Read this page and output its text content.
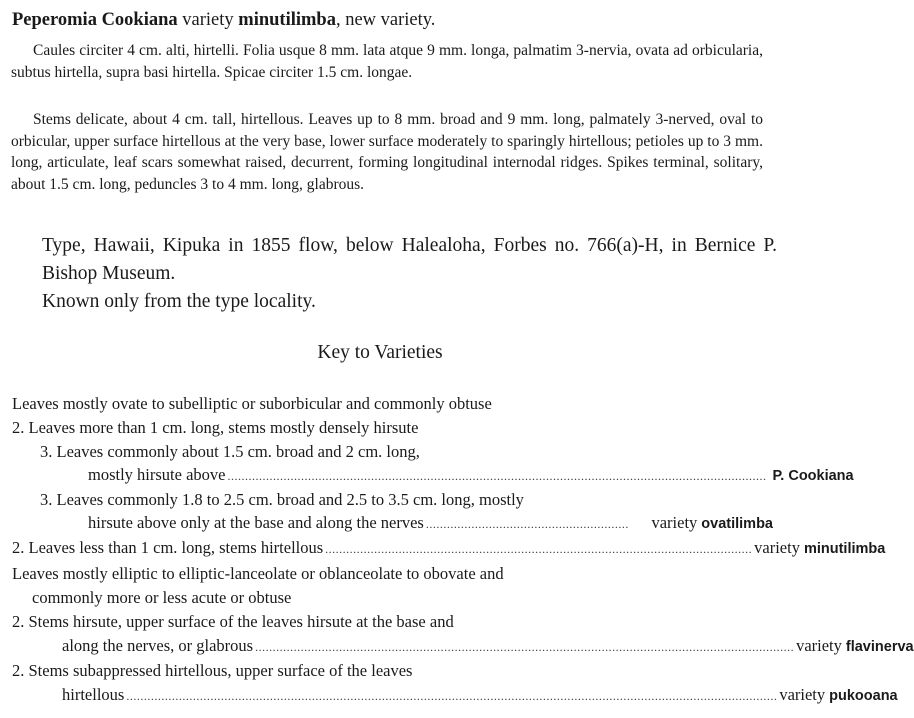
Peperomia Cookiana variety minutilimba, new variety.

Caules circiter 4 cm. alti, hirtelli. Folia usque 8 mm. lata atque 9 mm. longa, palmatim 3-nervia, ovata ad orbicularia, subtus hirtella, supra basi hirtella. Spicae circiter 1.5 cm. longae.

Stems delicate, about 4 cm. tall, hirtellous. Leaves up to 8 mm. broad and 9 mm. long, palmately 3-nerved, oval to orbicular, upper surface hirtellous at the very base, lower surface moderately to sparingly hirtellous; petioles up to 3 mm. long, articulate, leaf scars somewhat raised, decurrent, forming longitudinal internodal ridges. Spikes terminal, solitary, about 1.5 cm. long, peduncles 3 to 4 mm. long, glabrous.

Type, Hawaii, Kipuka in 1855 flow, below Halealoha, Forbes no. 766(a)-H, in Bernice P. Bishop Museum.

Known only from the type locality.

Key to Varieties
Leaves mostly ovate to subelliptic or suborbicular and commonly obtuse
2. Leaves more than 1 cm. long, stems mostly densely hirsute
3. Leaves commonly about 1.5 cm. broad and 2 cm. long,
mostly hirsute above .......................................................................................................................................................... P. Cookiana
3. Leaves commonly 1.8 to 2.5 cm. broad and 2.5 to 3.5 cm. long, mostly
hirsute above only at the base and along the nerves ..........................................................	variety ovatilimba
2. Leaves less than 1 cm. long, stems hirtellous .......................................................................................................................... variety minutilimba
Leaves mostly elliptic to elliptic-lanceolate or oblanceolate to obovate and
commonly more or less acute or obtuse
2. Stems hirsute, upper surface of the leaves hirsute at the base and
along the nerves, or glabrous .......................................................................................................................................................... variety flavinerva
2. Stems subappressed hirtellous, upper surface of the leaves
hirtellous .......................................................................................................................................................................................... variety pukooana
